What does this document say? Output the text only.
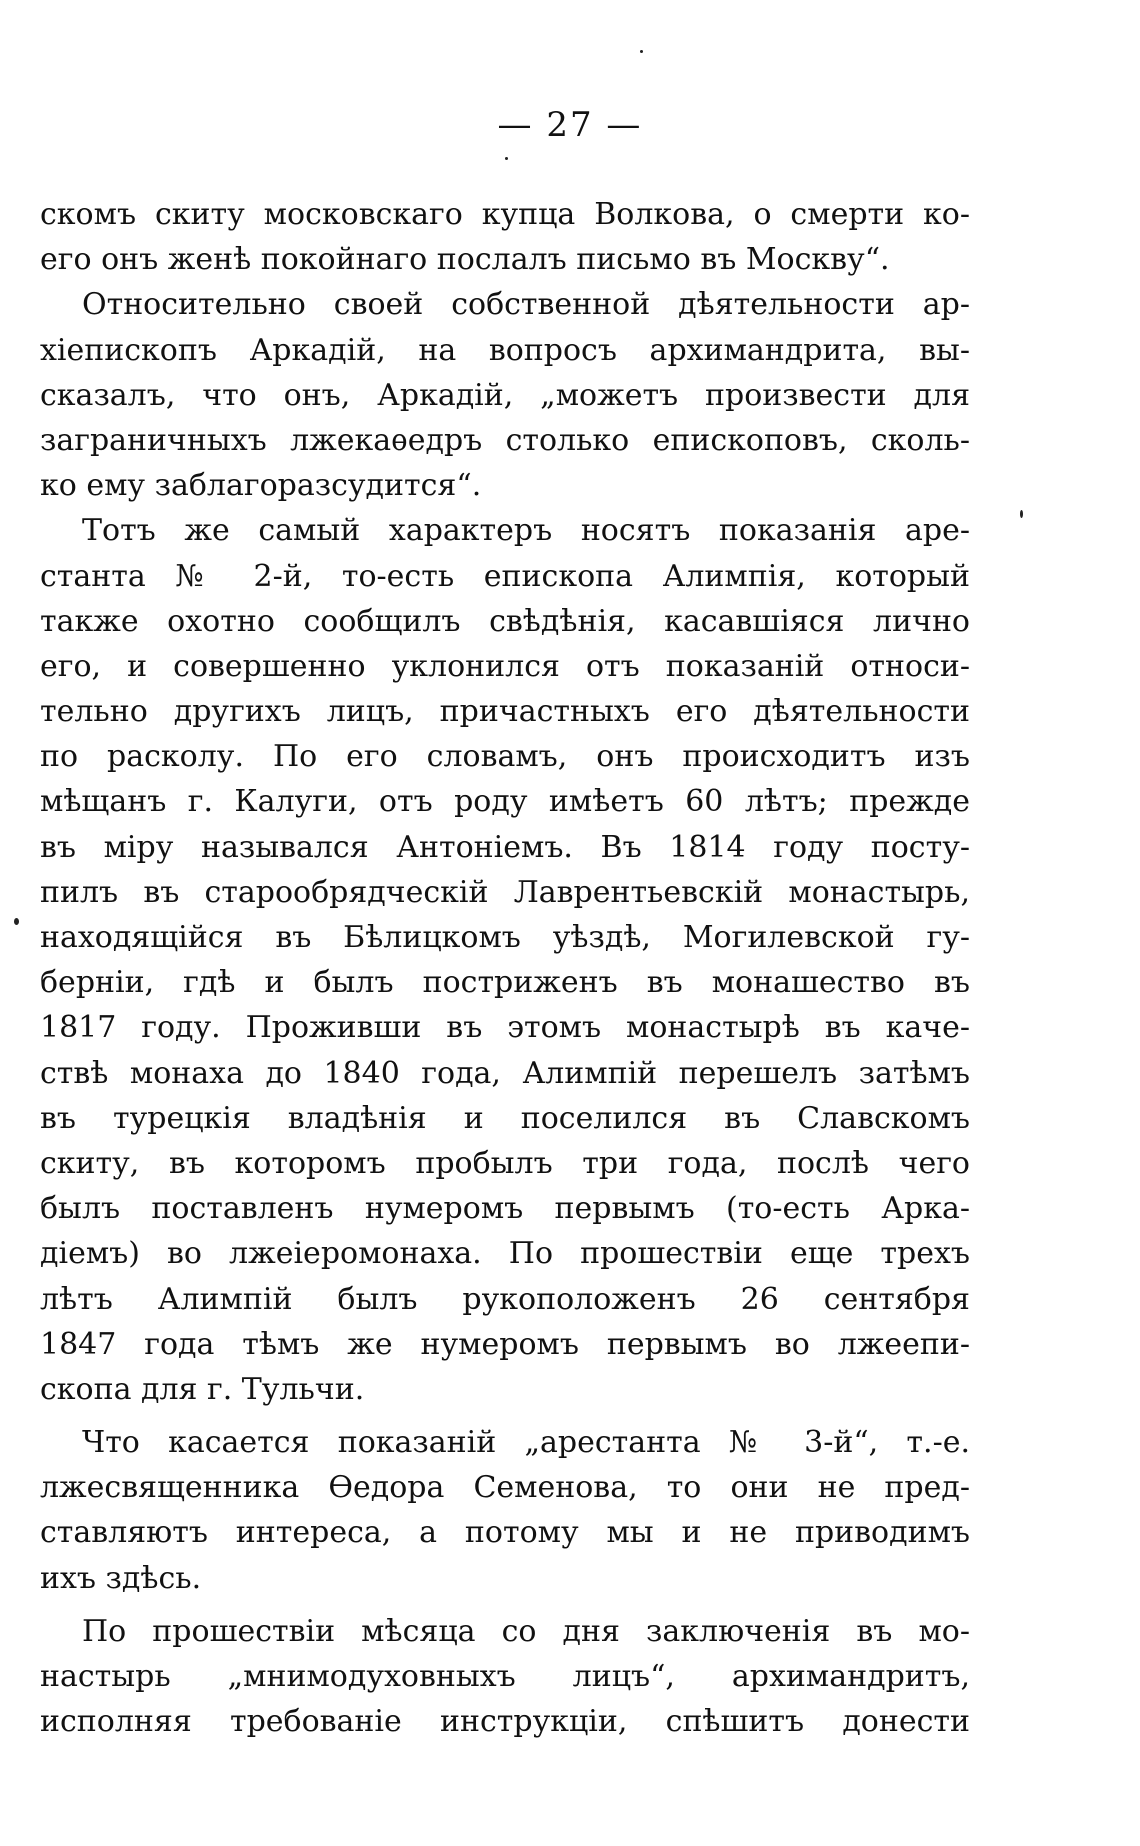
— 27 —
скомъ скиту московскаго купца Волкова, о смерти ко-
его онъ женѣ покойнаго послалъ письмо въ Москву“.
Относительно своей собственной дѣятельности ар-
хіепископъ Аркадій, на вопросъ архимандрита, вы-
сказалъ, что онъ, Аркадій, „можетъ произвести для
заграничныхъ лжекаѳедръ столько епископовъ, сколь-
ко ему заблагоразсудится“.
Тотъ же самый характеръ носятъ показанія аре-
станта № 2-й, то-есть епископа Алимпія, который
также охотно сообщилъ свѣдѣнія, касавшіяся лично
его, и совершенно уклонился отъ показаній относи-
тельно другихъ лицъ, причастныхъ его дѣятельности
по расколу. По его словамъ, онъ происходитъ изъ
мѣщанъ г. Калуги, отъ роду имѣетъ 60 лѣтъ; прежде
въ міру назывался Антоніемъ. Въ 1814 году посту-
пилъ въ старообрядческій Лаврентьевскій монастырь,
находящійся въ Бѣлицкомъ уѣздѣ, Могилевской гу-
берніи, гдѣ и былъ постриженъ въ монашество въ
1817 году. Проживши въ этомъ монастырѣ въ каче-
ствѣ монаха до 1840 года, Алимпій перешелъ затѣмъ
въ турецкія владѣнія и поселился въ Славскомъ
скиту, въ которомъ пробылъ три года, послѣ чего
былъ поставленъ нумеромъ первымъ (то-есть Арка-
діемъ) во лжеіеромонаха. По прошествіи еще трехъ
лѣтъ Алимпій былъ рукоположенъ 26 сентября
1847 года тѣмъ же нумеромъ первымъ во лжеепи-
скопа для г. Тульчи.
Что касается показаній „арестанта № 3-й“, т.-е.
лжесвященника Ѳедора Семенова, то они не пред-
ставляютъ интереса, а потому мы и не приводимъ
ихъ здѣсь.
По прошествіи мѣсяца со дня заключенія въ мо-
настырь „мнимодуховныхъ лицъ“, архимандритъ,
исполняя требованіе инструкціи, спѣшитъ донести
